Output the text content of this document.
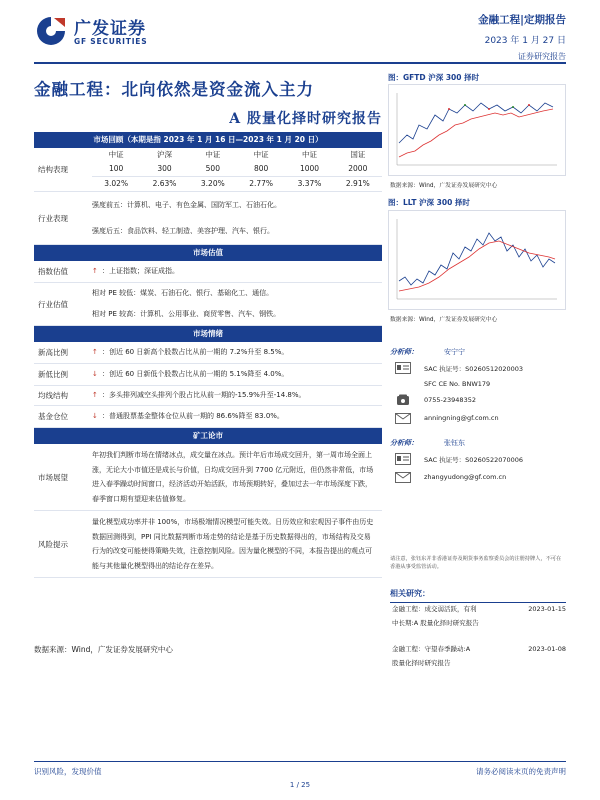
广发证券
GF SECURITIES
金融工程|定期报告
2023 年 1 月 27 日
证券研究报告
金融工程：北向依然是资金流入主力
A 股量化择时研究报告
市场回顾（本期是指 2023 年 1 月 16 日—2023 年 1 月 20 日）
结构表现
中证	沪深	中证	中证	中证	国证
100	300	500	800	1000	2000
3.02%	2.63%	3.20%	2.77%	3.37%	2.91%
行业表现
强度前五：计算机、电子、有色金属、国防军工、石油石化。
强度后五：食品饮料、轻工制造、美容护理、汽车、银行。
市场估值
指数估值	↑ ： 上证指数；深证成指。
行业估值
相对 PE 较低：煤炭、石油石化、银行、基础化工、通信。
相对 PE 较高：计算机、公用事业、商贸零售、汽车、钢铁。
市场情绪
新高比例	↑ ： 创近 60 日新高个股数占比从前一期的 7.2%升至 8.5%。
新低比例	↓ ： 创近 60 日新低个股数占比从前一期的 5.1%降至 4.0%。
均线结构	↑ ： 多头排列减空头排列个股占比从前一期的-15.9%升至-14.8%。
基金仓位	↓ ： 普通股票基金整体仓位从前一期的 86.6%降至 83.0%。
矿工论市
市场展望
年初我们判断市场在情绪冰点，成交量在冰点。预计年后市场成交回升，第一周市场全面上涨，无论大小市值还是成长与价值，日均成交回升到 7700 亿元附近，但仍然非常低，市场进入春季躁动时间窗口，经济活动开始活跃，市场预期转好，叠加过去一年市场深度下跌，春季窗口期有望迎来估值修复。
风险提示
量化模型成功率并非 100%，市场极端情况模型可能失效。日历效应和宏观因子事件由历史数据回测得到，PPI 同比数据判断市场走势的结论是基于历史数据得出的，市场结构及交易行为的改变可能使得策略失效，注意控制风险。因为量化模型的不同，本报告提出的观点可能与其他量化模型得出的结论存在差异。
数据来源：Wind，广发证券发展研究中心
图：GFTD 沪深 300 择时
数据来源：Wind，广发证券发展研究中心
图：LLT 沪深 300 择时
数据来源：Wind，广发证券发展研究中心
分析师：	安宁宁
SAC 执证号：S0260512020003
SFC CE No. BNW179
0755-23948352
anningning@gf.com.cn
分析师：	张钰东
SAC 执证号：S0260522070006
zhangyudong@gf.com.cn
请注意，张钰东并非香港证券及期货事务监察委员会的注册持牌人，不可在香港从事受监管活动。
相关研究：
金融工程：成交弱活跃，有利
中长期:A 股量化择时研究报告
2023-01-15
金融工程：守望春季躁动:A
股量化择时研究报告
2023-01-08
识别风险，发现价值	请务必阅读末页的免责声明
1 / 25
